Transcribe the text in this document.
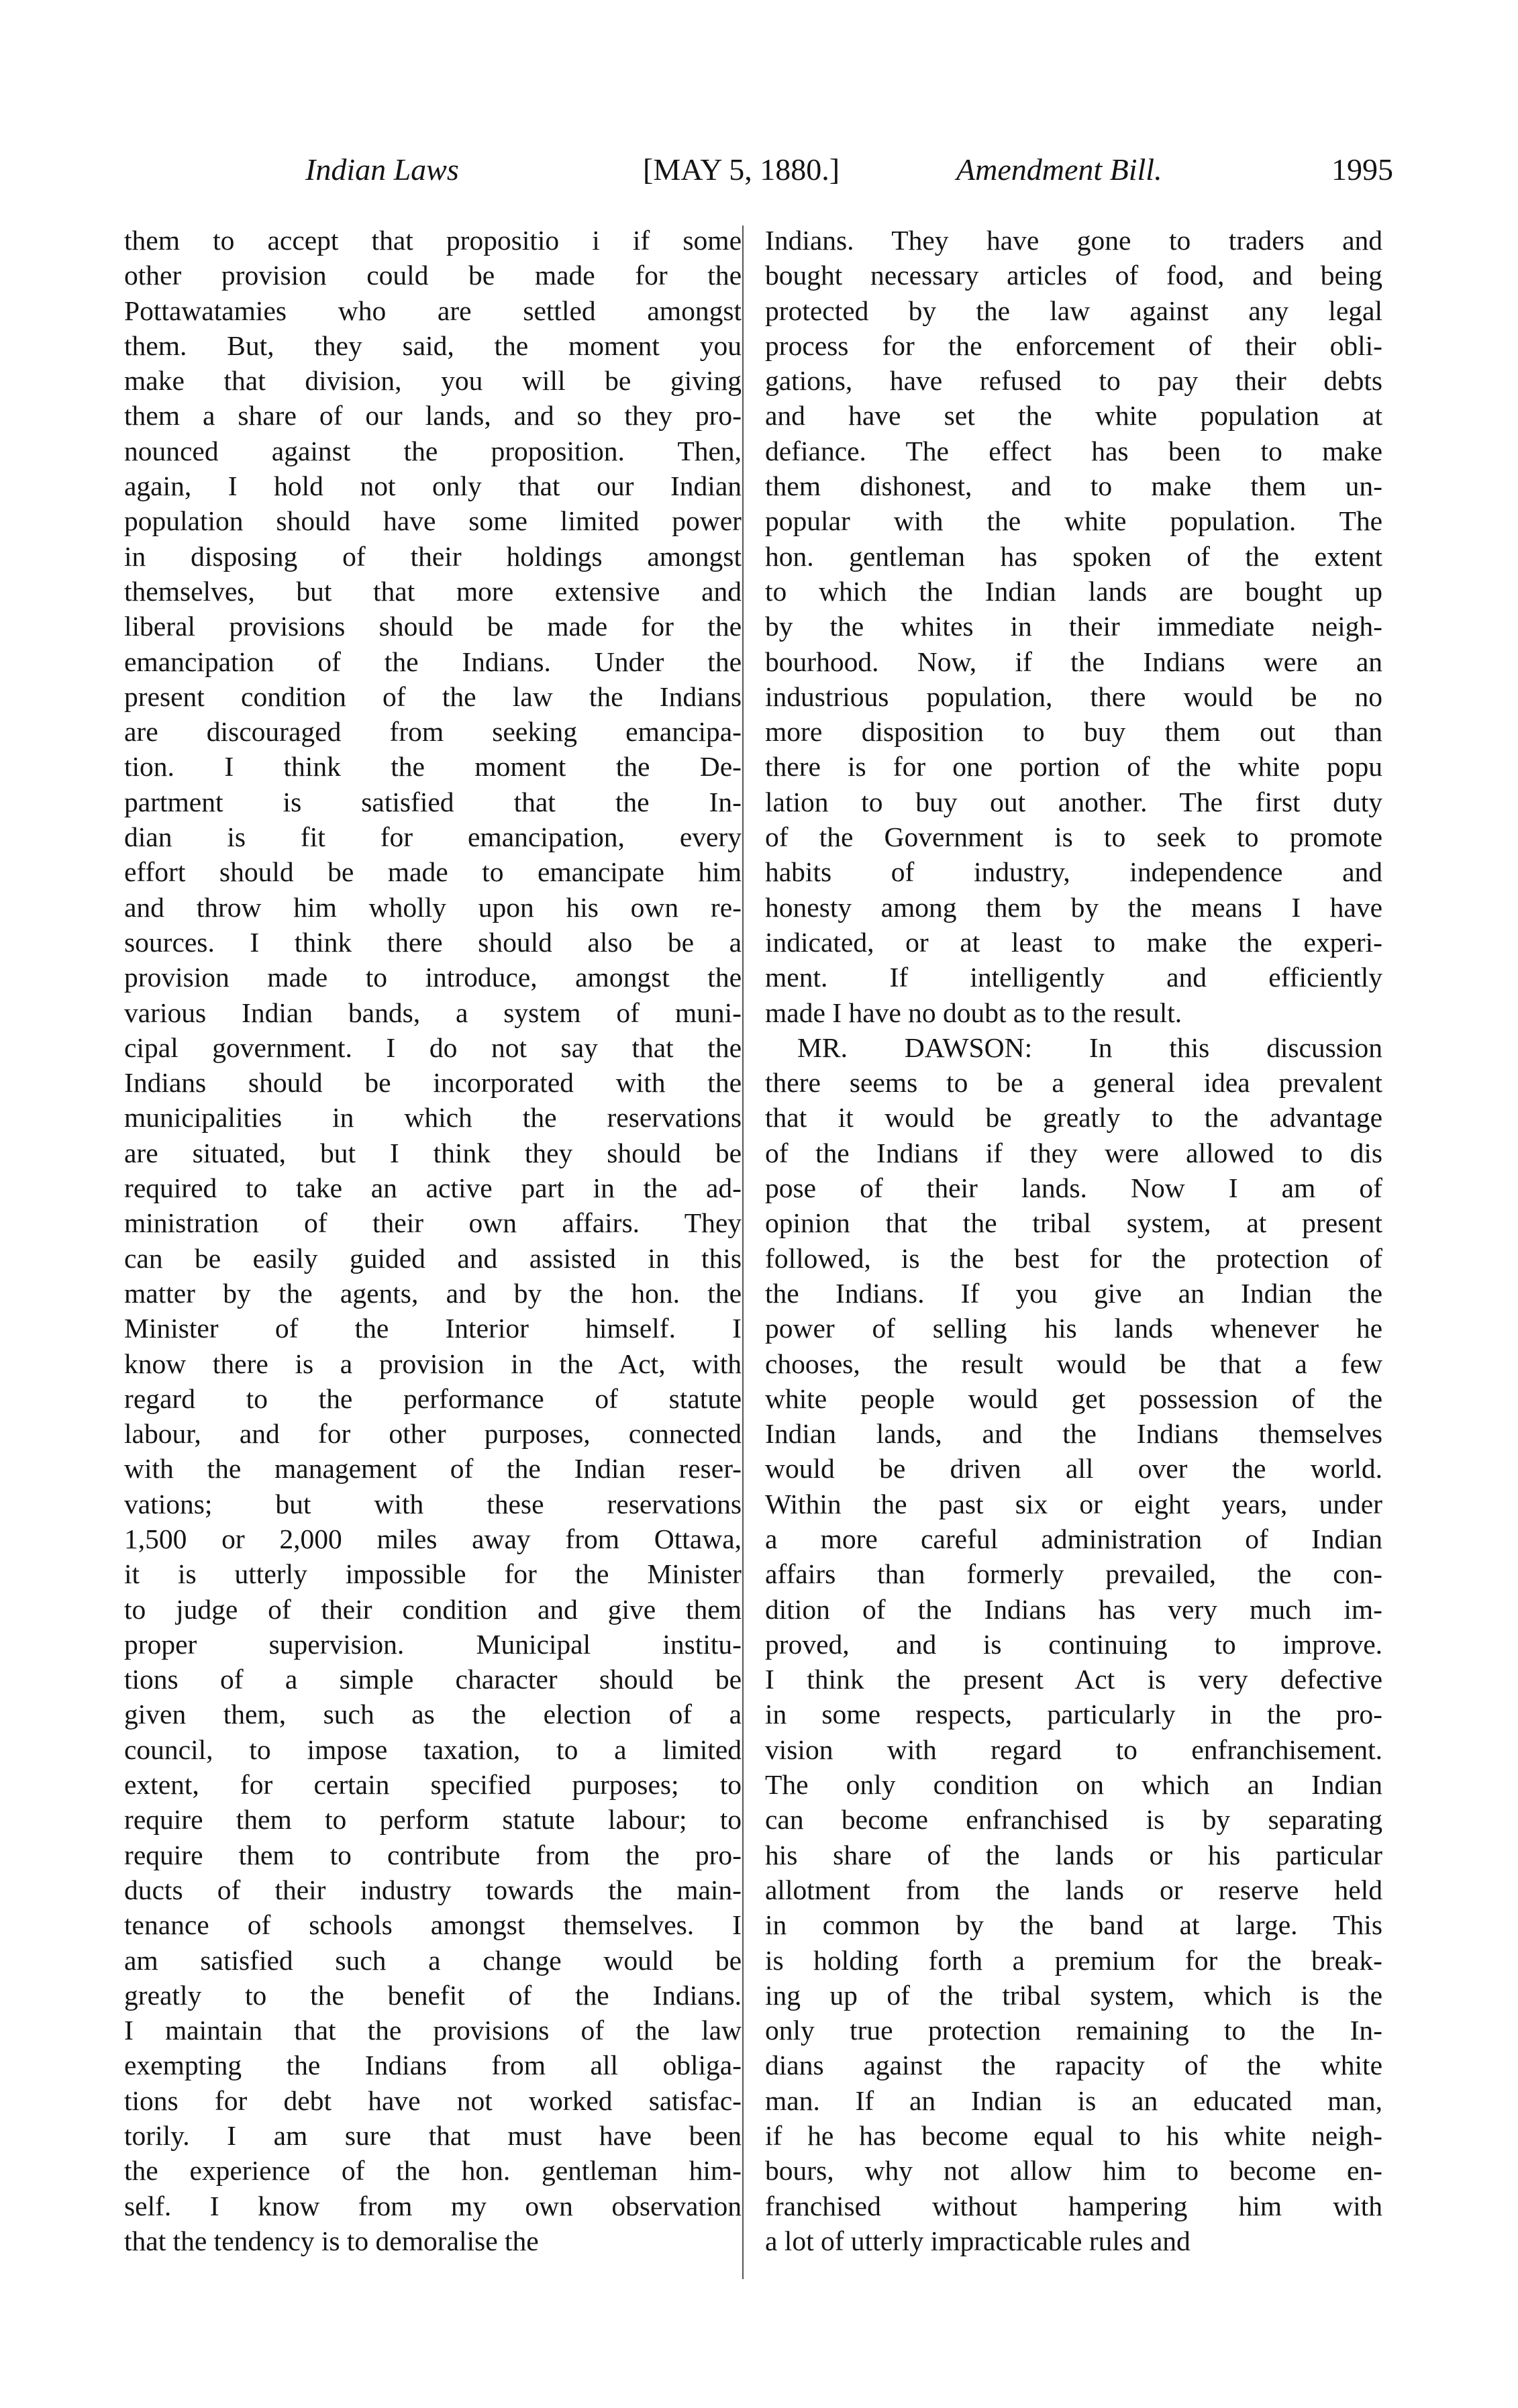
Indian Laws	[MAY 5, 1880.]	Amendment Bill.	1995
them to accept that propositio i if some
other provision could be made for the
Pottawatamies who are settled amongst
them. But, they said, the moment you
make that division, you will be giving
them a share of our lands, and so they pro-
nounced against the proposition. Then,
again, I hold not only that our Indian
population should have some limited power
in disposing of their holdings amongst
themselves, but that more extensive and
liberal provisions should be made for the
emancipation of the Indians. Under the
present condition of the law the Indians
are discouraged from seeking emancipa-
tion. I think the moment the De-
partment is satisfied that the In-
dian is fit for emancipation, every
effort should be made to emancipate him
and throw him wholly upon his own re-
sources. I think there should also be a
provision made to introduce, amongst the
various Indian bands, a system of muni-
cipal government. I do not say that the
Indians should be incorporated with the
municipalities in which the reservations
are situated, but I think they should be
required to take an active part in the ad-
ministration of their own affairs. They
can be easily guided and assisted in this
matter by the agents, and by the hon. the
Minister of the Interior himself. I
know there is a provision in the Act, with
regard to the performance of statute
labour, and for other purposes, connected
with the management of the Indian reser-
vations; but with these reservations
1,500 or 2,000 miles away from Ottawa,
it is utterly impossible for the Minister
to judge of their condition and give them
proper supervision. Municipal institu-
tions of a simple character should be
given them, such as the election of a
council, to impose taxation, to a limited
extent, for certain specified purposes; to
require them to perform statute labour; to
require them to contribute from the pro-
ducts of their industry towards the main-
tenance of schools amongst themselves. I
am satisfied such a change would be
greatly to the benefit of the Indians.
I maintain that the provisions of the law
exempting the Indians from all obliga-
tions for debt have not worked satisfac-
torily. I am sure that must have been
the experience of the hon. gentleman him-
self. I know from my own observation
that the tendency is to demoralise the
Indians. They have gone to traders and
bought necessary articles of food, and being
protected by the law against any legal
process for the enforcement of their obli-
gations, have refused to pay their debts
and have set the white population at
defiance. The effect has been to make
them dishonest, and to make them un-
popular with the white population. The
hon. gentleman has spoken of the extent
to which the Indian lands are bought up
by the whites in their immediate neigh-
bourhood. Now, if the Indians were an
industrious population, there would be no
more disposition to buy them out than
there is for one portion of the white popu
lation to buy out another. The first duty
of the Government is to seek to promote
habits of industry, independence and
honesty among them by the means I have
indicated, or at least to make the experi-
ment. If intelligently and efficiently
made I have no doubt as to the result.
MR. DAWSON: In this discussion
there seems to be a general idea prevalent
that it would be greatly to the advantage
of the Indians if they were allowed to dis
pose of their lands. Now I am of
opinion that the tribal system, at present
followed, is the best for the protection of
the Indians. If you give an Indian the
power of selling his lands whenever he
chooses, the result would be that a few
white people would get possession of the
Indian lands, and the Indians themselves
would be driven all over the world.
Within the past six or eight years, under
a more careful administration of Indian
affairs than formerly prevailed, the con-
dition of the Indians has very much im-
proved, and is continuing to improve.
I think the present Act is very defective
in some respects, particularly in the pro-
vision with regard to enfranchisement.
The only condition on which an Indian
can become enfranchised is by separating
his share of the lands or his particular
allotment from the lands or reserve held
in common by the band at large. This
is holding forth a premium for the break-
ing up of the tribal system, which is the
only true protection remaining to the In-
dians against the rapacity of the white
man. If an Indian is an educated man,
if he has become equal to his white neigh-
bours, why not allow him to become en-
franchised without hampering him with
a lot of utterly impracticable rules and
